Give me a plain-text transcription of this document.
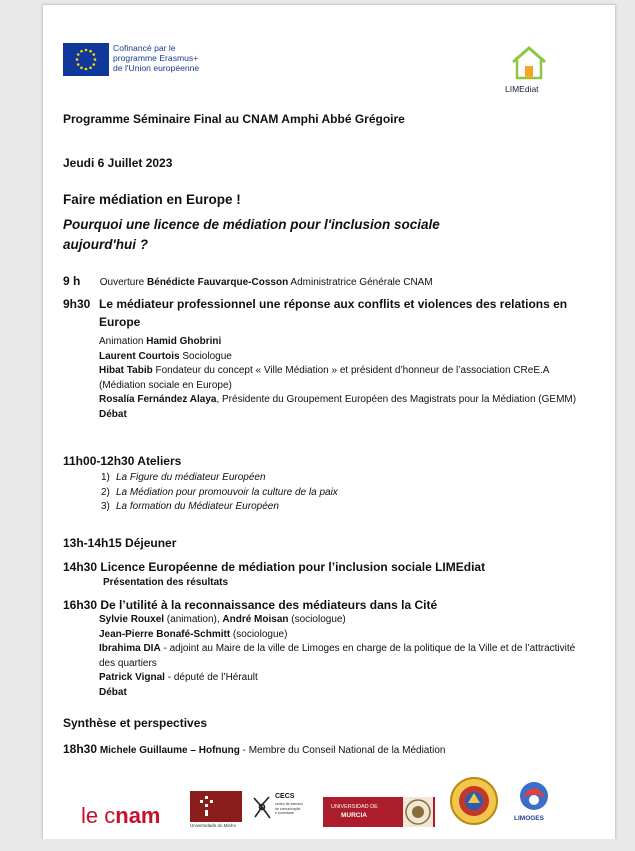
Cofinancé par le
programme Erasmus+
de l'Union européenne
LIMEdiat
Programme Séminaire Final au CNAM Amphi Abbé Grégoire
Jeudi 6 Juillet 2023
Faire médiation en Europe !
Pourquoi une licence de médiation pour l'inclusion sociale aujourd'hui ?
9 h Ouverture Bénédicte Fauvarque-Cosson Administratrice Générale CNAM
9h30 Le médiateur professionnel une réponse aux conflits et violences des relations en Europe
Animation Hamid Ghobrini
Laurent Courtois Sociologue
Hibat Tabib Fondateur du concept « Ville Médiation » et président d’honneur de l’association CReE.A (Médiation sociale en Europe)
Rosalía Fernández Alaya, Présidente du Groupement Européen des Magistrats pour la Médiation (GEMM)
Débat
11h00-12h30 Ateliers
1) La Figure du médiateur Européen
2) La Médiation pour promouvoir la culture de la paix
3) La formation du Médiateur Européen
13h-14h15 Déjeuner
14h30 Licence Européenne de médiation pour l’inclusion sociale LIMEdiat
Présentation des résultats
16h30 De l’utilité à la reconnaissance des médiateurs dans la Cité
Sylvie Rouxel (animation), André Moisan (sociologue)
Jean-Pierre Bonafé-Schmitt (sociologue)
Ibrahima DIA - adjoint au Maire de la ville de Limoges en charge de la politique de la Ville et de l’attractivité des quartiers
Patrick Vignal - député de l’Hérault
Débat
Synthèse et perspectives
18h30 Michele Guillaume – Hofnung - Membre du Conseil National de la Médiation
le cnam	Universidade do Minho
CECS
centro de estudos
de comunicação
e sociedade
UNIVERSIDAD DE
MURCIA	LIMOGES
